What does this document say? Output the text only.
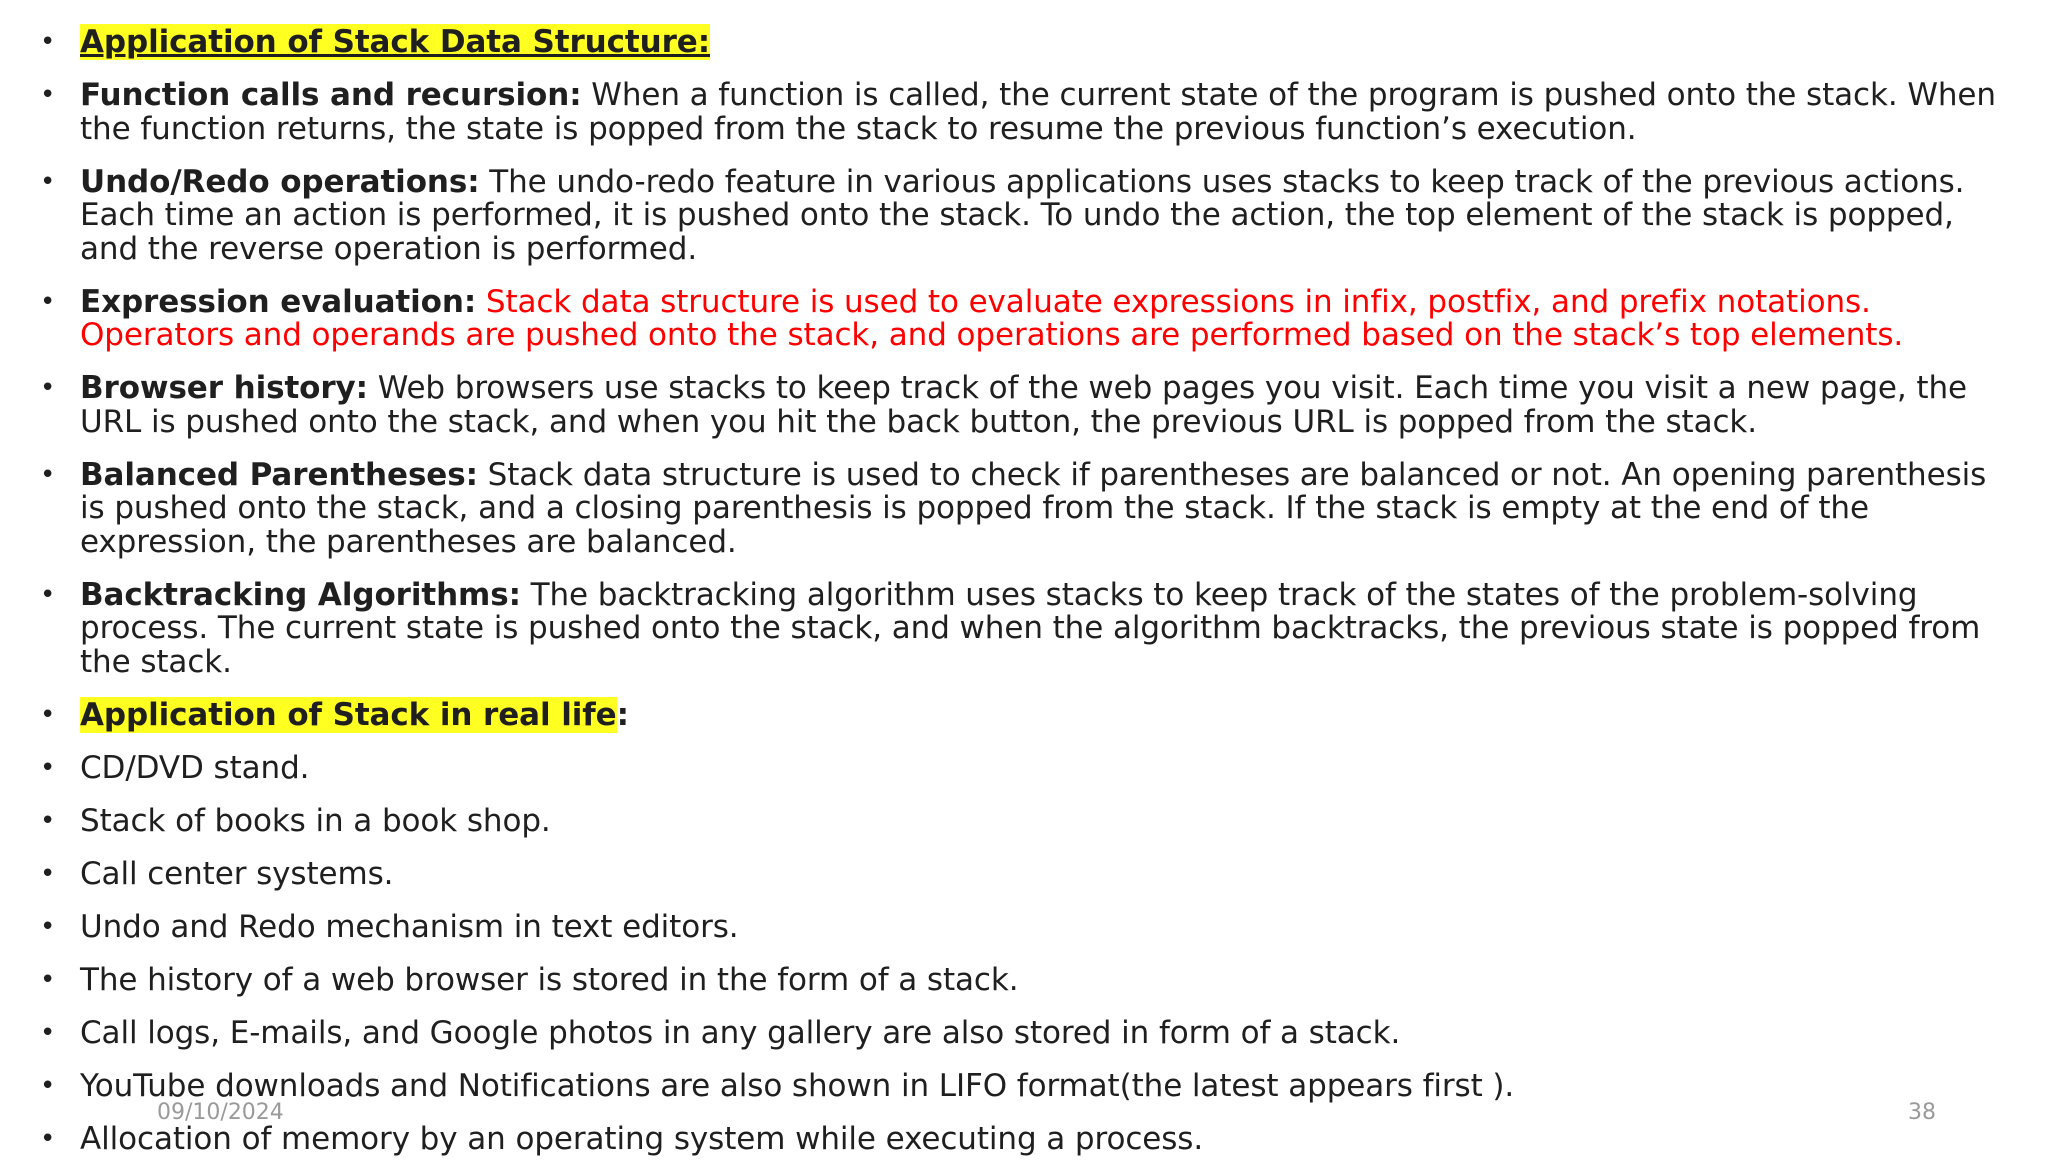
• Application of Stack Data Structure:
• Function calls and recursion: When a function is called, the current state of the program is pushed onto the stack. When the function returns, the state is popped from the stack to resume the previous function’s execution.
• Undo/Redo operations: The undo-redo feature in various applications uses stacks to keep track of the previous actions. Each time an action is performed, it is pushed onto the stack. To undo the action, the top element of the stack is popped, and the reverse operation is performed.
• Expression evaluation: Stack data structure is used to evaluate expressions in infix, postfix, and prefix notations. Operators and operands are pushed onto the stack, and operations are performed based on the stack’s top elements.
• Browser history: Web browsers use stacks to keep track of the web pages you visit. Each time you visit a new page, the URL is pushed onto the stack, and when you hit the back button, the previous URL is popped from the stack.
• Balanced Parentheses: Stack data structure is used to check if parentheses are balanced or not. An opening parenthesis is pushed onto the stack, and a closing parenthesis is popped from the stack. If the stack is empty at the end of the expression, the parentheses are balanced.
• Backtracking Algorithms: The backtracking algorithm uses stacks to keep track of the states of the problem-solving process. The current state is pushed onto the stack, and when the algorithm backtracks, the previous state is popped from the stack.
• Application of Stack in real life:
• CD/DVD stand.
• Stack of books in a book shop.
• Call center systems.
• Undo and Redo mechanism in text editors.
• The history of a web browser is stored in the form of a stack.
• Call logs, E-mails, and Google photos in any gallery are also stored in form of a stack.
• YouTube downloads and Notifications are also shown in LIFO format(the latest appears first ).
• Allocation of memory by an operating system while executing a process.
09/10/2024	38
